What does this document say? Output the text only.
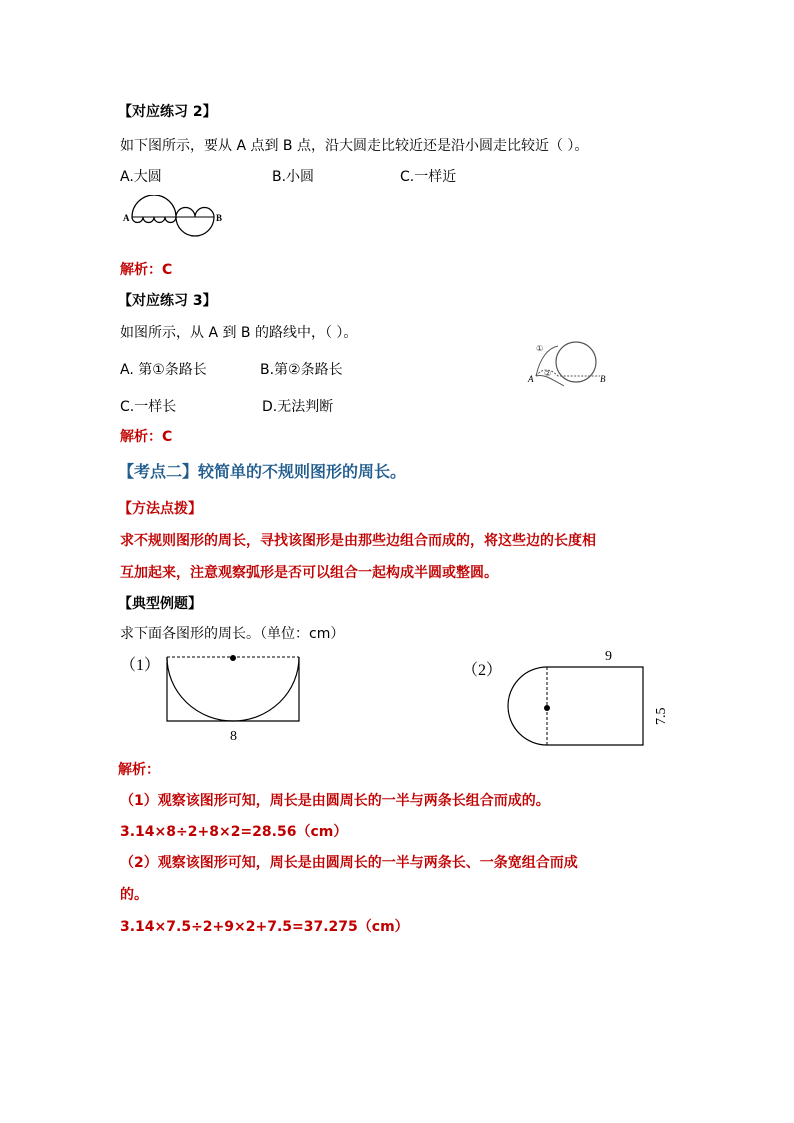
【对应练习 2】
如下图所示，要从 A 点到 B 点，沿大圆走比较近还是沿小圆走比较近（ ）。
A.大圆	B.小圆	C.一样近
A	B
解析：C
【对应练习 3】
如图所示，从 A 到 B 的路线中，（ ）。
A. 第①条路长	B.第②条路长
C.一样长	D.无法判断
①
②
A	B
解析：C
【考点二】较简单的不规则图形的周长。
【方法点拨】
求不规则图形的周长，寻找该图形是由那些边组合而成的，将这些边的长度相
互加起来，注意观察弧形是否可以组合一起构成半圆或整圆。
【典型例题】
求下面各图形的周长。（单位：cm）
（1）
8
（2）
9
7.5
解析：
（1）观察该图形可知，周长是由圆周长的一半与两条长组合而成的。
3.14×8÷2+8×2=28.56（cm）
（2）观察该图形可知，周长是由圆周长的一半与两条长、一条宽组合而成
的。
3.14×7.5÷2+9×2+7.5=37.275（cm）
